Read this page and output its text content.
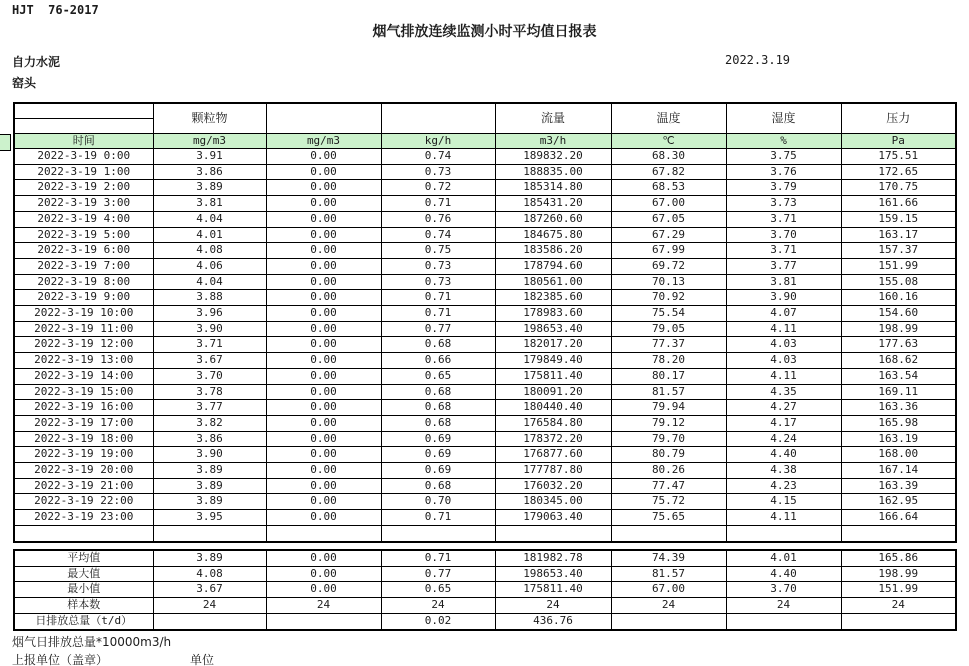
HJT  76-2017
烟气排放连续监测小时平均值日报表
自力水泥
窑头
2022.3.19
	颗粒物			流量	温度	湿度	压力

时间	mg/m3	mg/m3	kg/h	m3/h	℃	%	Pa
2022-3-19 0:00	3.91	0.00	0.74	189832.20	68.30	3.75	175.51
2022-3-19 1:00	3.86	0.00	0.73	188835.00	67.82	3.76	172.65
2022-3-19 2:00	3.89	0.00	0.72	185314.80	68.53	3.79	170.75
2022-3-19 3:00	3.81	0.00	0.71	185431.20	67.00	3.73	161.66
2022-3-19 4:00	4.04	0.00	0.76	187260.60	67.05	3.71	159.15
2022-3-19 5:00	4.01	0.00	0.74	184675.80	67.29	3.70	163.17
2022-3-19 6:00	4.08	0.00	0.75	183586.20	67.99	3.71	157.37
2022-3-19 7:00	4.06	0.00	0.73	178794.60	69.72	3.77	151.99
2022-3-19 8:00	4.04	0.00	0.73	180561.00	70.13	3.81	155.08
2022-3-19 9:00	3.88	0.00	0.71	182385.60	70.92	3.90	160.16
2022-3-19 10:00	3.96	0.00	0.71	178983.60	75.54	4.07	154.60
2022-3-19 11:00	3.90	0.00	0.77	198653.40	79.05	4.11	198.99
2022-3-19 12:00	3.71	0.00	0.68	182017.20	77.37	4.03	177.63
2022-3-19 13:00	3.67	0.00	0.66	179849.40	78.20	4.03	168.62
2022-3-19 14:00	3.70	0.00	0.65	175811.40	80.17	4.11	163.54
2022-3-19 15:00	3.78	0.00	0.68	180091.20	81.57	4.35	169.11
2022-3-19 16:00	3.77	0.00	0.68	180440.40	79.94	4.27	163.36
2022-3-19 17:00	3.82	0.00	0.68	176584.80	79.12	4.17	165.98
2022-3-19 18:00	3.86	0.00	0.69	178372.20	79.70	4.24	163.19
2022-3-19 19:00	3.90	0.00	0.69	176877.60	80.79	4.40	168.00
2022-3-19 20:00	3.89	0.00	0.69	177787.80	80.26	4.38	167.14
2022-3-19 21:00	3.89	0.00	0.68	176032.20	77.47	4.23	163.39
2022-3-19 22:00	3.89	0.00	0.70	180345.00	75.72	4.15	162.95
2022-3-19 23:00	3.95	0.00	0.71	179063.40	75.65	4.11	166.64

平均值	3.89	0.00	0.71	181982.78	74.39	4.01	165.86
最大值	4.08	0.00	0.77	198653.40	81.57	4.40	198.99
最小值	3.67	0.00	0.65	175811.40	67.00	3.70	151.99
样本数	24	24	24	24	24	24	24
日排放总量（t/d）			0.02	436.76			
烟气日排放总量*10000m3/h
上报单位（盖章）	单位
